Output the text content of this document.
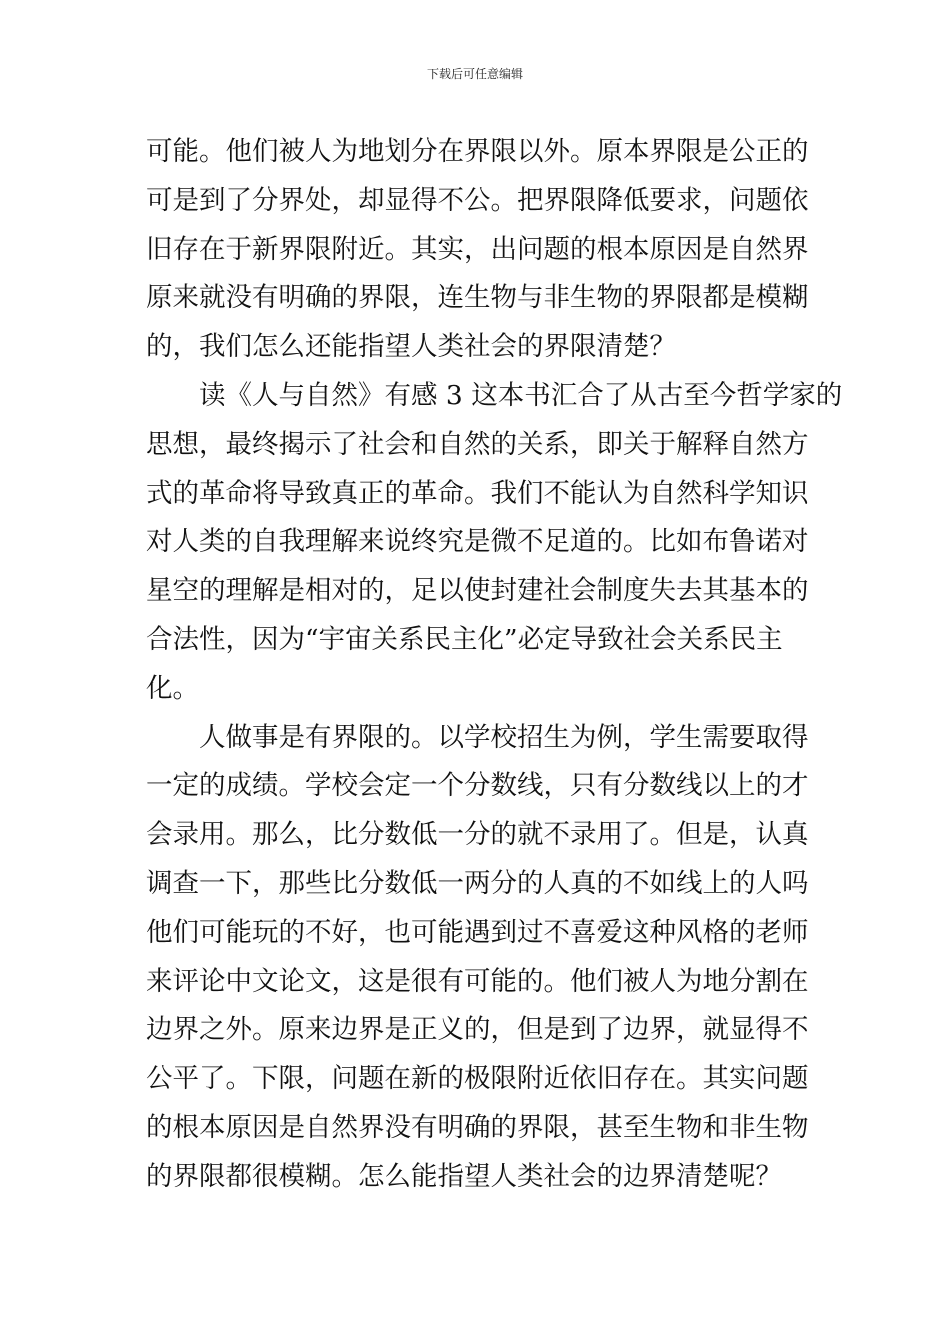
下载后可任意编辑
可能。他们被人为地划分在界限以外。原本界限是公正的
可是到了分界处，却显得不公。把界限降低要求，问题依
旧存在于新界限附近。其实，出问题的根本原因是自然界
原来就没有明确的界限，连生物与非生物的界限都是模糊
的，我们怎么还能指望人类社会的界限清楚？
　　读《人与自然》有感 3 这本书汇合了从古至今哲学家的
思想，最终揭示了社会和自然的关系，即关于解释自然方
式的革命将导致真正的革命。我们不能认为自然科学知识
对人类的自我理解来说终究是微不足道的。比如布鲁诺对
星空的理解是相对的，足以使封建社会制度失去其基本的
合法性，因为“宇宙关系民主化”必定导致社会关系民主
化。
　　人做事是有界限的。以学校招生为例，学生需要取得
一定的成绩。学校会定一个分数线，只有分数线以上的才
会录用。那么，比分数低一分的就不录用了。但是，认真
调查一下，那些比分数低一两分的人真的不如线上的人吗
他们可能玩的不好，也可能遇到过不喜爱这种风格的老师
来评论中文论文，这是很有可能的。他们被人为地分割在
边界之外。原来边界是正义的，但是到了边界，就显得不
公平了。下限，问题在新的极限附近依旧存在。其实问题
的根本原因是自然界没有明确的界限，甚至生物和非生物
的界限都很模糊。怎么能指望人类社会的边界清楚呢？
